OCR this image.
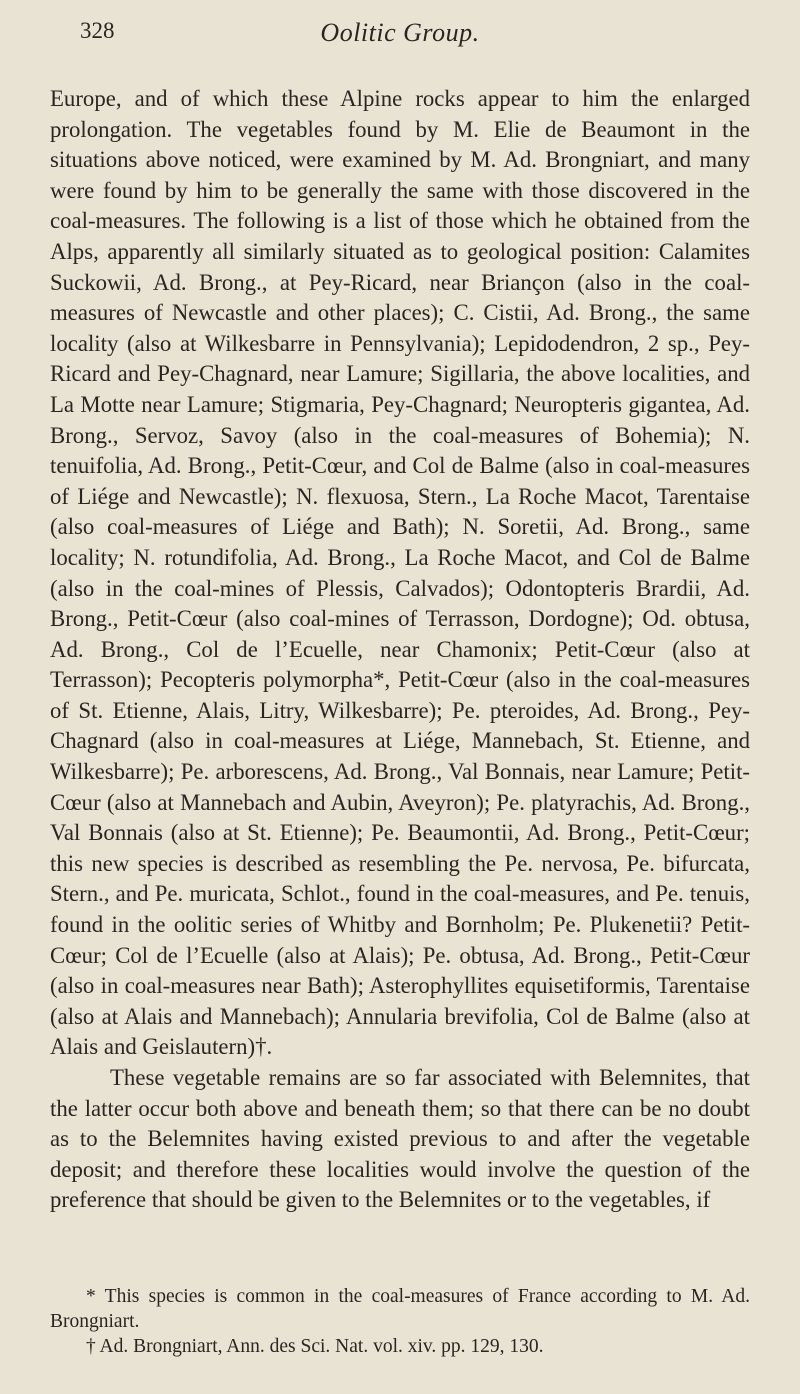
328	Oolitic Group.

Europe, and of which these Alpine rocks appear to him the enlarged prolongation. The vegetables found by M. Elie de Beaumont in the situations above noticed, were examined by M. Ad. Brongniart, and many were found by him to be generally the same with those discovered in the coal-measures. The following is a list of those which he obtained from the Alps, apparently all similarly situated as to geological position: Calamites Suckowii, Ad. Brong., at Pey-Ricard, near Briançon (also in the coal-measures of Newcastle and other places); C. Cistii, Ad. Brong., the same locality (also at Wilkesbarre in Pennsylvania); Lepidodendron, 2 sp., Pey-Ricard and Pey-Chagnard, near Lamure; Sigillaria, the above localities, and La Motte near Lamure; Stigmaria, Pey-Chagnard; Neuropteris gigantea, Ad. Brong., Servoz, Savoy (also in the coal-measures of Bohemia); N. tenuifolia, Ad. Brong., Petit-Cœur, and Col de Balme (also in coal-measures of Liége and Newcastle); N. flexuosa, Stern., La Roche Macot, Tarentaise (also coal-measures of Liége and Bath); N. Soretii, Ad. Brong., same locality; N. rotundifolia, Ad. Brong., La Roche Macot, and Col de Balme (also in the coal-mines of Plessis, Calvados); Odontopteris Brardii, Ad. Brong., Petit-Cœur (also coal-mines of Terrasson, Dordogne); Od. obtusa, Ad. Brong., Col de l’Ecuelle, near Chamonix; Petit-Cœur (also at Terrasson); Pecopteris polymorpha*, Petit-Cœur (also in the coal-measures of St. Etienne, Alais, Litry, Wilkesbarre); Pe. pteroides, Ad. Brong., Pey-Chagnard (also in coal-measures at Liége, Mannebach, St. Etienne, and Wilkesbarre); Pe. arborescens, Ad. Brong., Val Bonnais, near Lamure; Petit-Cœur (also at Mannebach and Aubin, Aveyron); Pe. platyrachis, Ad. Brong., Val Bonnais (also at St. Etienne); Pe. Beaumontii, Ad. Brong., Petit-Cœur; this new species is described as resembling the Pe. nervosa, Pe. bifurcata, Stern., and Pe. muricata, Schlot., found in the coal-measures, and Pe. tenuis, found in the oolitic series of Whitby and Bornholm; Pe. Plukenetii? Petit-Cœur; Col de l’Ecuelle (also at Alais); Pe. obtusa, Ad. Brong., Petit-Cœur (also in coal-measures near Bath); Asterophyllites equisetiformis, Tarentaise (also at Alais and Mannebach); Annularia brevifolia, Col de Balme (also at Alais and Geislautern)†.

These vegetable remains are so far associated with Belemnites, that the latter occur both above and beneath them; so that there can be no doubt as to the Belemnites having existed previous to and after the vegetable deposit; and therefore these localities would involve the question of the preference that should be given to the Belemnites or to the vegetables, if

* This species is common in the coal-measures of France according to M. Ad. Brongniart.

† Ad. Brongniart, Ann. des Sci. Nat. vol. xiv. pp. 129, 130.
